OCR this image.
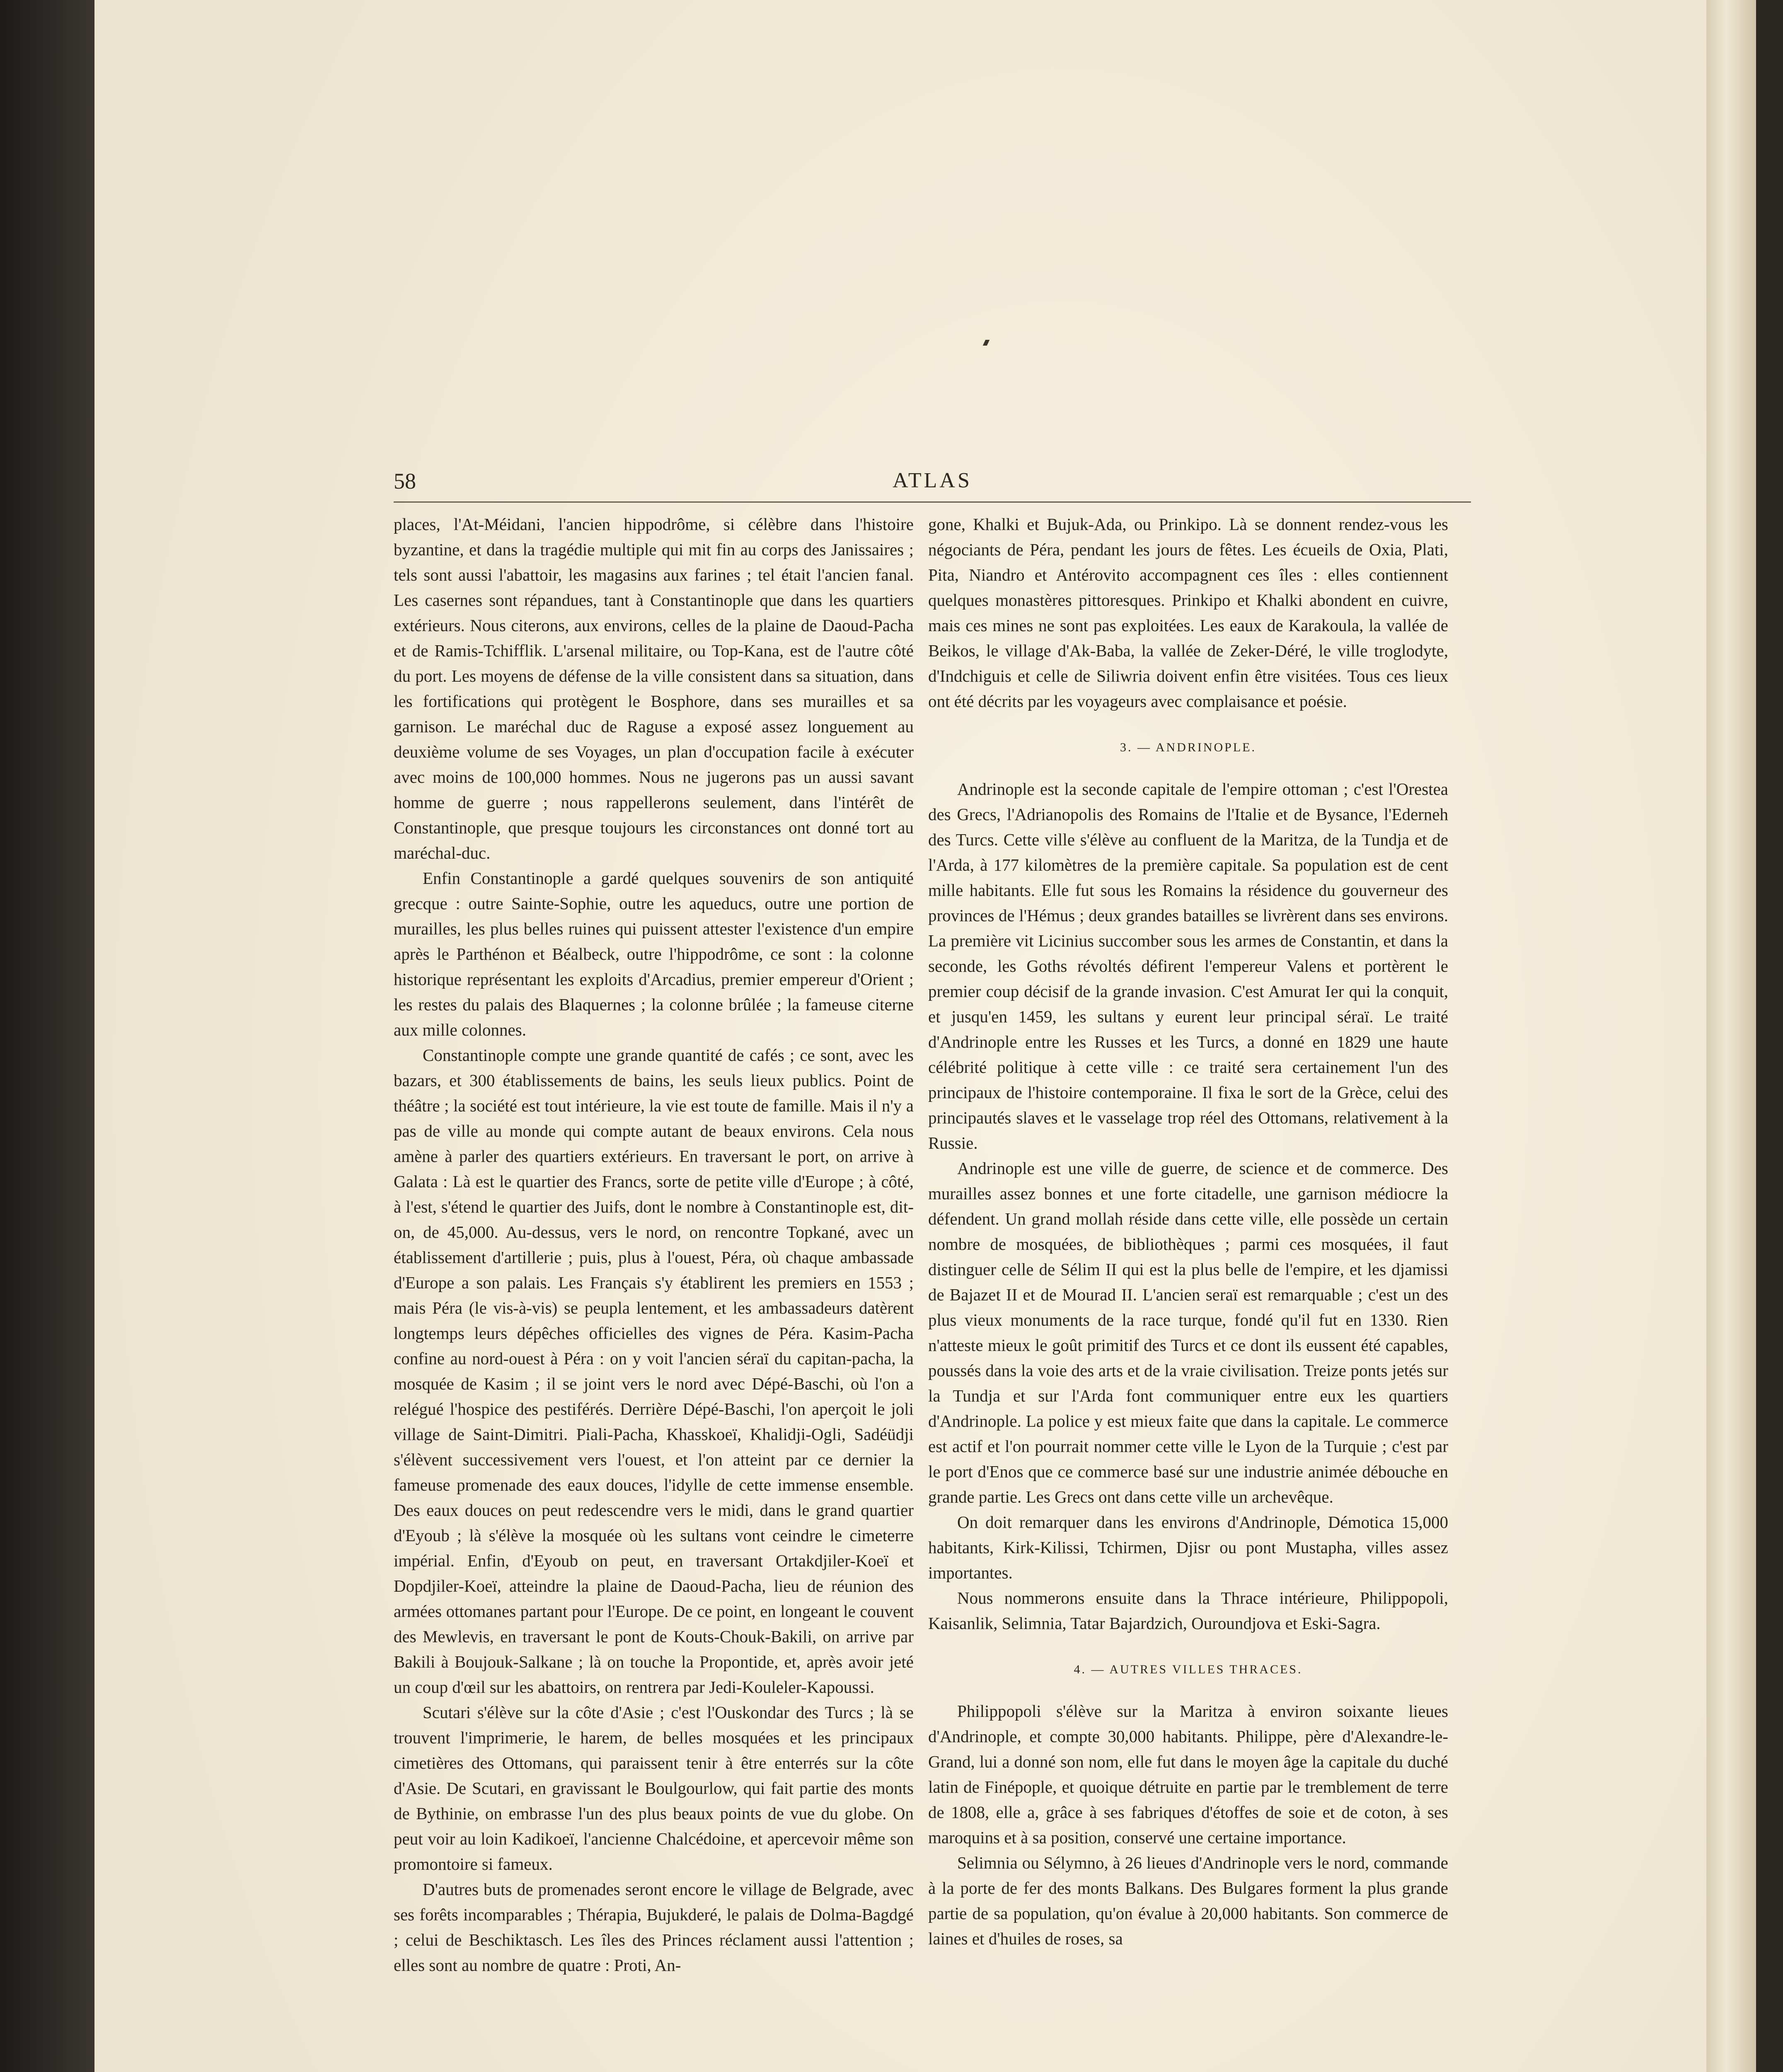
58	ATLAS

places, l'At-Méidani, l'ancien hippodrôme, si célèbre dans l'histoire byzantine, et dans la tragédie multiple qui mit fin au corps des Janissaires ; tels sont aussi l'abattoir, les magasins aux farines ; tel était l'ancien fanal. Les casernes sont répandues, tant à Constantinople que dans les quartiers extérieurs. Nous citerons, aux environs, celles de la plaine de Daoud-Pacha et de Ramis-Tchifflik. L'arsenal militaire, ou Top-Kana, est de l'autre côté du port. Les moyens de défense de la ville consistent dans sa situation, dans les fortifications qui protègent le Bosphore, dans ses murailles et sa garnison. Le maréchal duc de Raguse a exposé assez longuement au deuxième volume de ses Voyages, un plan d'occupation facile à exécuter avec moins de 100,000 hommes. Nous ne jugerons pas un aussi savant homme de guerre ; nous rappellerons seulement, dans l'intérêt de Constantinople, que presque toujours les circonstances ont donné tort au maréchal-duc.

Enfin Constantinople a gardé quelques souvenirs de son antiquité grecque : outre Sainte-Sophie, outre les aqueducs, outre une portion de murailles, les plus belles ruines qui puissent attester l'existence d'un empire après le Parthénon et Béalbeck, outre l'hippodrôme, ce sont : la colonne historique représentant les exploits d'Arcadius, premier empereur d'Orient ; les restes du palais des Blaquernes ; la colonne brûlée ; la fameuse citerne aux mille colonnes.

Constantinople compte une grande quantité de cafés ; ce sont, avec les bazars, et 300 établissements de bains, les seuls lieux publics. Point de théâtre ; la société est tout intérieure, la vie est toute de famille. Mais il n'y a pas de ville au monde qui compte autant de beaux environs. Cela nous amène à parler des quartiers extérieurs. En traversant le port, on arrive à Galata : Là est le quartier des Francs, sorte de petite ville d'Europe ; à côté, à l'est, s'étend le quartier des Juifs, dont le nombre à Constantinople est, dit-on, de 45,000. Au-dessus, vers le nord, on rencontre Topkané, avec un établissement d'artillerie ; puis, plus à l'ouest, Péra, où chaque ambassade d'Europe a son palais. Les Français s'y établirent les premiers en 1553 ; mais Péra (le vis-à-vis) se peupla lentement, et les ambassadeurs datèrent longtemps leurs dépêches officielles des vignes de Péra. Kasim-Pacha confine au nord-ouest à Péra : on y voit l'ancien séraï du capitan-pacha, la mosquée de Kasim ; il se joint vers le nord avec Dépé-Baschi, où l'on a relégué l'hospice des pestiférés. Derrière Dépé-Baschi, l'on aperçoit le joli village de Saint-Dimitri. Piali-Pacha, Khasskoeï, Khalidji-Ogli, Sadéüdji s'élèvent successivement vers l'ouest, et l'on atteint par ce dernier la fameuse promenade des eaux douces, l'idylle de cette immense ensemble. Des eaux douces on peut redescendre vers le midi, dans le grand quartier d'Eyoub ; là s'élève la mosquée où les sultans vont ceindre le cimeterre impérial. Enfin, d'Eyoub on peut, en traversant Ortakdjiler-Koeï et Dopdjiler-Koeï, atteindre la plaine de Daoud-Pacha, lieu de réunion des armées ottomanes partant pour l'Europe. De ce point, en longeant le couvent des Mewlevis, en traversant le pont de Kouts-Chouk-Bakili, on arrive par Bakili à Boujouk-Salkane ; là on touche la Propontide, et, après avoir jeté un coup d'œil sur les abattoirs, on rentrera par Jedi-Kouleler-Kapoussi.

Scutari s'élève sur la côte d'Asie ; c'est l'Ouskondar des Turcs ; là se trouvent l'imprimerie, le harem, de belles mosquées et les principaux cimetières des Ottomans, qui paraissent tenir à être enterrés sur la côte d'Asie. De Scutari, en gravissant le Boulgourlow, qui fait partie des monts de Bythinie, on embrasse l'un des plus beaux points de vue du globe. On peut voir au loin Kadikoeï, l'ancienne Chalcédoine, et apercevoir même son promontoire si fameux.

D'autres buts de promenades seront encore le village de Belgrade, avec ses forêts incomparables ; Thérapia, Bujukderé, le palais de Dolma-Bagdgé ; celui de Beschiktasch. Les îles des Princes réclament aussi l'attention ; elles sont au nombre de quatre : Proti, An-

gone, Khalki et Bujuk-Ada, ou Prinkipo. Là se donnent rendez-vous les négociants de Péra, pendant les jours de fêtes. Les écueils de Oxia, Plati, Pita, Niandro et Antérovito accompagnent ces îles : elles contiennent quelques monastères pittoresques. Prinkipo et Khalki abondent en cuivre, mais ces mines ne sont pas exploitées. Les eaux de Karakoula, la vallée de Beikos, le village d'Ak-Baba, la vallée de Zeker-Déré, le ville troglodyte, d'Indchiguis et celle de Siliwria doivent enfin être visitées. Tous ces lieux ont été décrits par les voyageurs avec complaisance et poésie.

3. — ANDRINOPLE.

Andrinople est la seconde capitale de l'empire ottoman ; c'est l'Orestea des Grecs, l'Adrianopolis des Romains de l'Italie et de Bysance, l'Ederneh des Turcs. Cette ville s'élève au confluent de la Maritza, de la Tundja et de l'Arda, à 177 kilomètres de la première capitale. Sa population est de cent mille habitants. Elle fut sous les Romains la résidence du gouverneur des provinces de l'Hémus ; deux grandes batailles se livrèrent dans ses environs. La première vit Licinius succomber sous les armes de Constantin, et dans la seconde, les Goths révoltés défirent l'empereur Valens et portèrent le premier coup décisif de la grande invasion. C'est Amurat Ier qui la conquit, et jusqu'en 1459, les sultans y eurent leur principal séraï. Le traité d'Andrinople entre les Russes et les Turcs, a donné en 1829 une haute célébrité politique à cette ville : ce traité sera certainement l'un des principaux de l'histoire contemporaine. Il fixa le sort de la Grèce, celui des principautés slaves et le vasselage trop réel des Ottomans, relativement à la Russie.

Andrinople est une ville de guerre, de science et de commerce. Des murailles assez bonnes et une forte citadelle, une garnison médiocre la défendent. Un grand mollah réside dans cette ville, elle possède un certain nombre de mosquées, de bibliothèques ; parmi ces mosquées, il faut distinguer celle de Sélim II qui est la plus belle de l'empire, et les djamissi de Bajazet II et de Mourad II. L'ancien seraï est remarquable ; c'est un des plus vieux monuments de la race turque, fondé qu'il fut en 1330. Rien n'atteste mieux le goût primitif des Turcs et ce dont ils eussent été capables, poussés dans la voie des arts et de la vraie civilisation. Treize ponts jetés sur la Tundja et sur l'Arda font communiquer entre eux les quartiers d'Andrinople. La police y est mieux faite que dans la capitale. Le commerce est actif et l'on pourrait nommer cette ville le Lyon de la Turquie ; c'est par le port d'Enos que ce commerce basé sur une industrie animée débouche en grande partie. Les Grecs ont dans cette ville un archevêque.

On doit remarquer dans les environs d'Andrinople, Démotica 15,000 habitants, Kirk-Kilissi, Tchirmen, Djisr ou pont Mustapha, villes assez importantes.

Nous nommerons ensuite dans la Thrace intérieure, Philippopoli, Kaisanlik, Selimnia, Tatar Bajardzich, Ouroundjova et Eski-Sagra.

4. — AUTRES VILLES THRACES.

Philippopoli s'élève sur la Maritza à environ soixante lieues d'Andrinople, et compte 30,000 habitants. Philippe, père d'Alexandre-le-Grand, lui a donné son nom, elle fut dans le moyen âge la capitale du duché latin de Finépople, et quoique détruite en partie par le tremblement de terre de 1808, elle a, grâce à ses fabriques d'étoffes de soie et de coton, à ses maroquins et à sa position, conservé une certaine importance.

Selimnia ou Sélymno, à 26 lieues d'Andrinople vers le nord, commande à la porte de fer des monts Balkans. Des Bulgares forment la plus grande partie de sa population, qu'on évalue à 20,000 habitants. Son commerce de laines et d'huiles de roses, sa
